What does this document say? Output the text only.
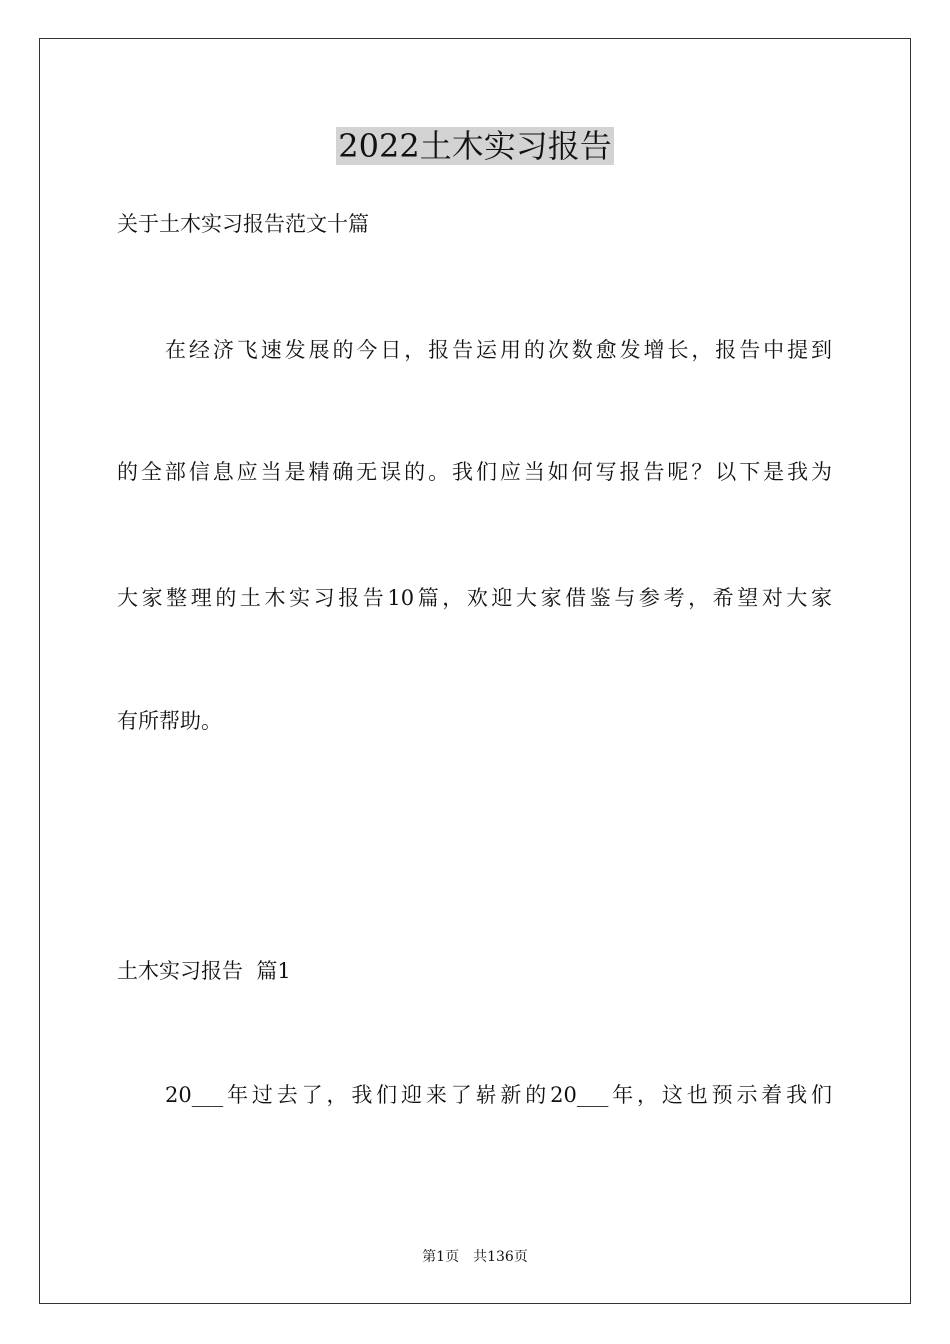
2022土木实习报告
关于土木实习报告范文十篇
在经济飞速发展的今日，报告运用的次数愈发增长，报告中提到
的全部信息应当是精确无误的。我们应当如何写报告呢？以下是我为
大家整理的土木实习报告10篇，欢迎大家借鉴与参考，希望对大家
有所帮助。
土木实习报告  篇1
20___年过去了，我们迎来了崭新的20___年，这也预示着我们
第1页 共136页
